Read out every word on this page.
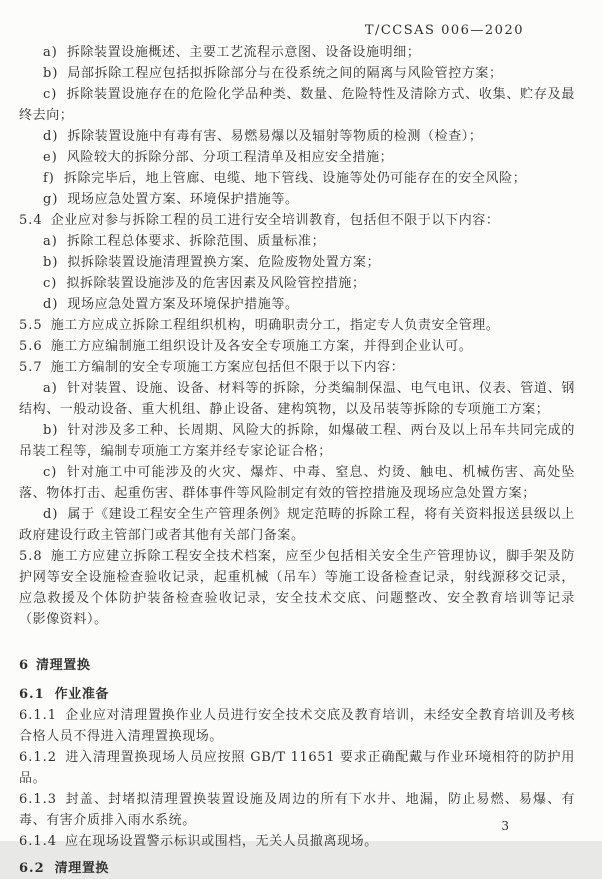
T/CCSAS 006—2020

a) 拆除装置设施概述、主要工艺流程示意图、设备设施明细；

b) 局部拆除工程应包括拟拆除部分与在役系统之间的隔离与风险管控方案；

c) 拆除装置设施存在的危险化学品种类、数量、危险特性及清除方式、收集、贮存及最终去向；

d) 拆除装置设施中有毒有害、易燃易爆以及辐射等物质的检测（检查）；

e) 风险较大的拆除分部、分项工程清单及相应安全措施；

f) 拆除完毕后，地上管廊、电缆、地下管线、设施等处仍可能存在的安全风险；

g) 现场应急处置方案、环境保护措施等。

5.4 企业应对参与拆除工程的员工进行安全培训教育，包括但不限于以下内容：

a) 拆除工程总体要求、拆除范围、质量标准；

b) 拟拆除装置设施清理置换方案、危险废物处置方案；

c) 拟拆除装置设施涉及的危害因素及风险管控措施；

d) 现场应急处置方案及环境保护措施等。

5.5 施工方应成立拆除工程组织机构，明确职责分工，指定专人负责安全管理。

5.6 施工方应编制施工组织设计及各安全专项施工方案，并得到企业认可。

5.7 施工方编制的安全专项施工方案应包括但不限于以下内容：

a) 针对装置、设施、设备、材料等的拆除，分类编制保温、电气电讯、仪表、管道、钢结构、一般动设备、重大机组、静止设备、建构筑物，以及吊装等拆除的专项施工方案；

b) 针对涉及多工种、长周期、风险大的拆除，如爆破工程、两台及以上吊车共同完成的吊装工程等，编制专项施工方案并经专家论证合格；

c) 针对施工中可能涉及的火灾、爆炸、中毒、窒息、灼烫、触电、机械伤害、高处坠落、物体打击、起重伤害、群体事件等风险制定有效的管控措施及现场应急处置方案；

d) 属于《建设工程安全生产管理条例》规定范畴的拆除工程，将有关资料报送县级以上政府建设行政主管部门或者其他有关部门备案。

5.8 施工方应建立拆除工程安全技术档案，应至少包括相关安全生产管理协议，脚手架及防护网等安全设施检查验收记录，起重机械（吊车）等施工设备检查记录，射线源移交记录，应急救援及个体防护装备检查验收记录，安全技术交底、问题整改、安全教育培训等记录（影像资料）。

6 清理置换

6.1 作业准备

6.1.1 企业应对清理置换作业人员进行安全技术交底及教育培训，未经安全教育培训及考核合格人员不得进入清理置换现场。

6.1.2 进入清理置换现场人员应按照 GB/T 11651 要求正确配戴与作业环境相符的防护用品。

6.1.3 封盖、封堵拟清理置换装置设施及周边的所有下水井、地漏，防止易燃、易爆、有毒、有害介质排入雨水系统。

6.1.4 应在现场设置警示标识或围档，无关人员撤离现场。

6.2 清理置换

3
